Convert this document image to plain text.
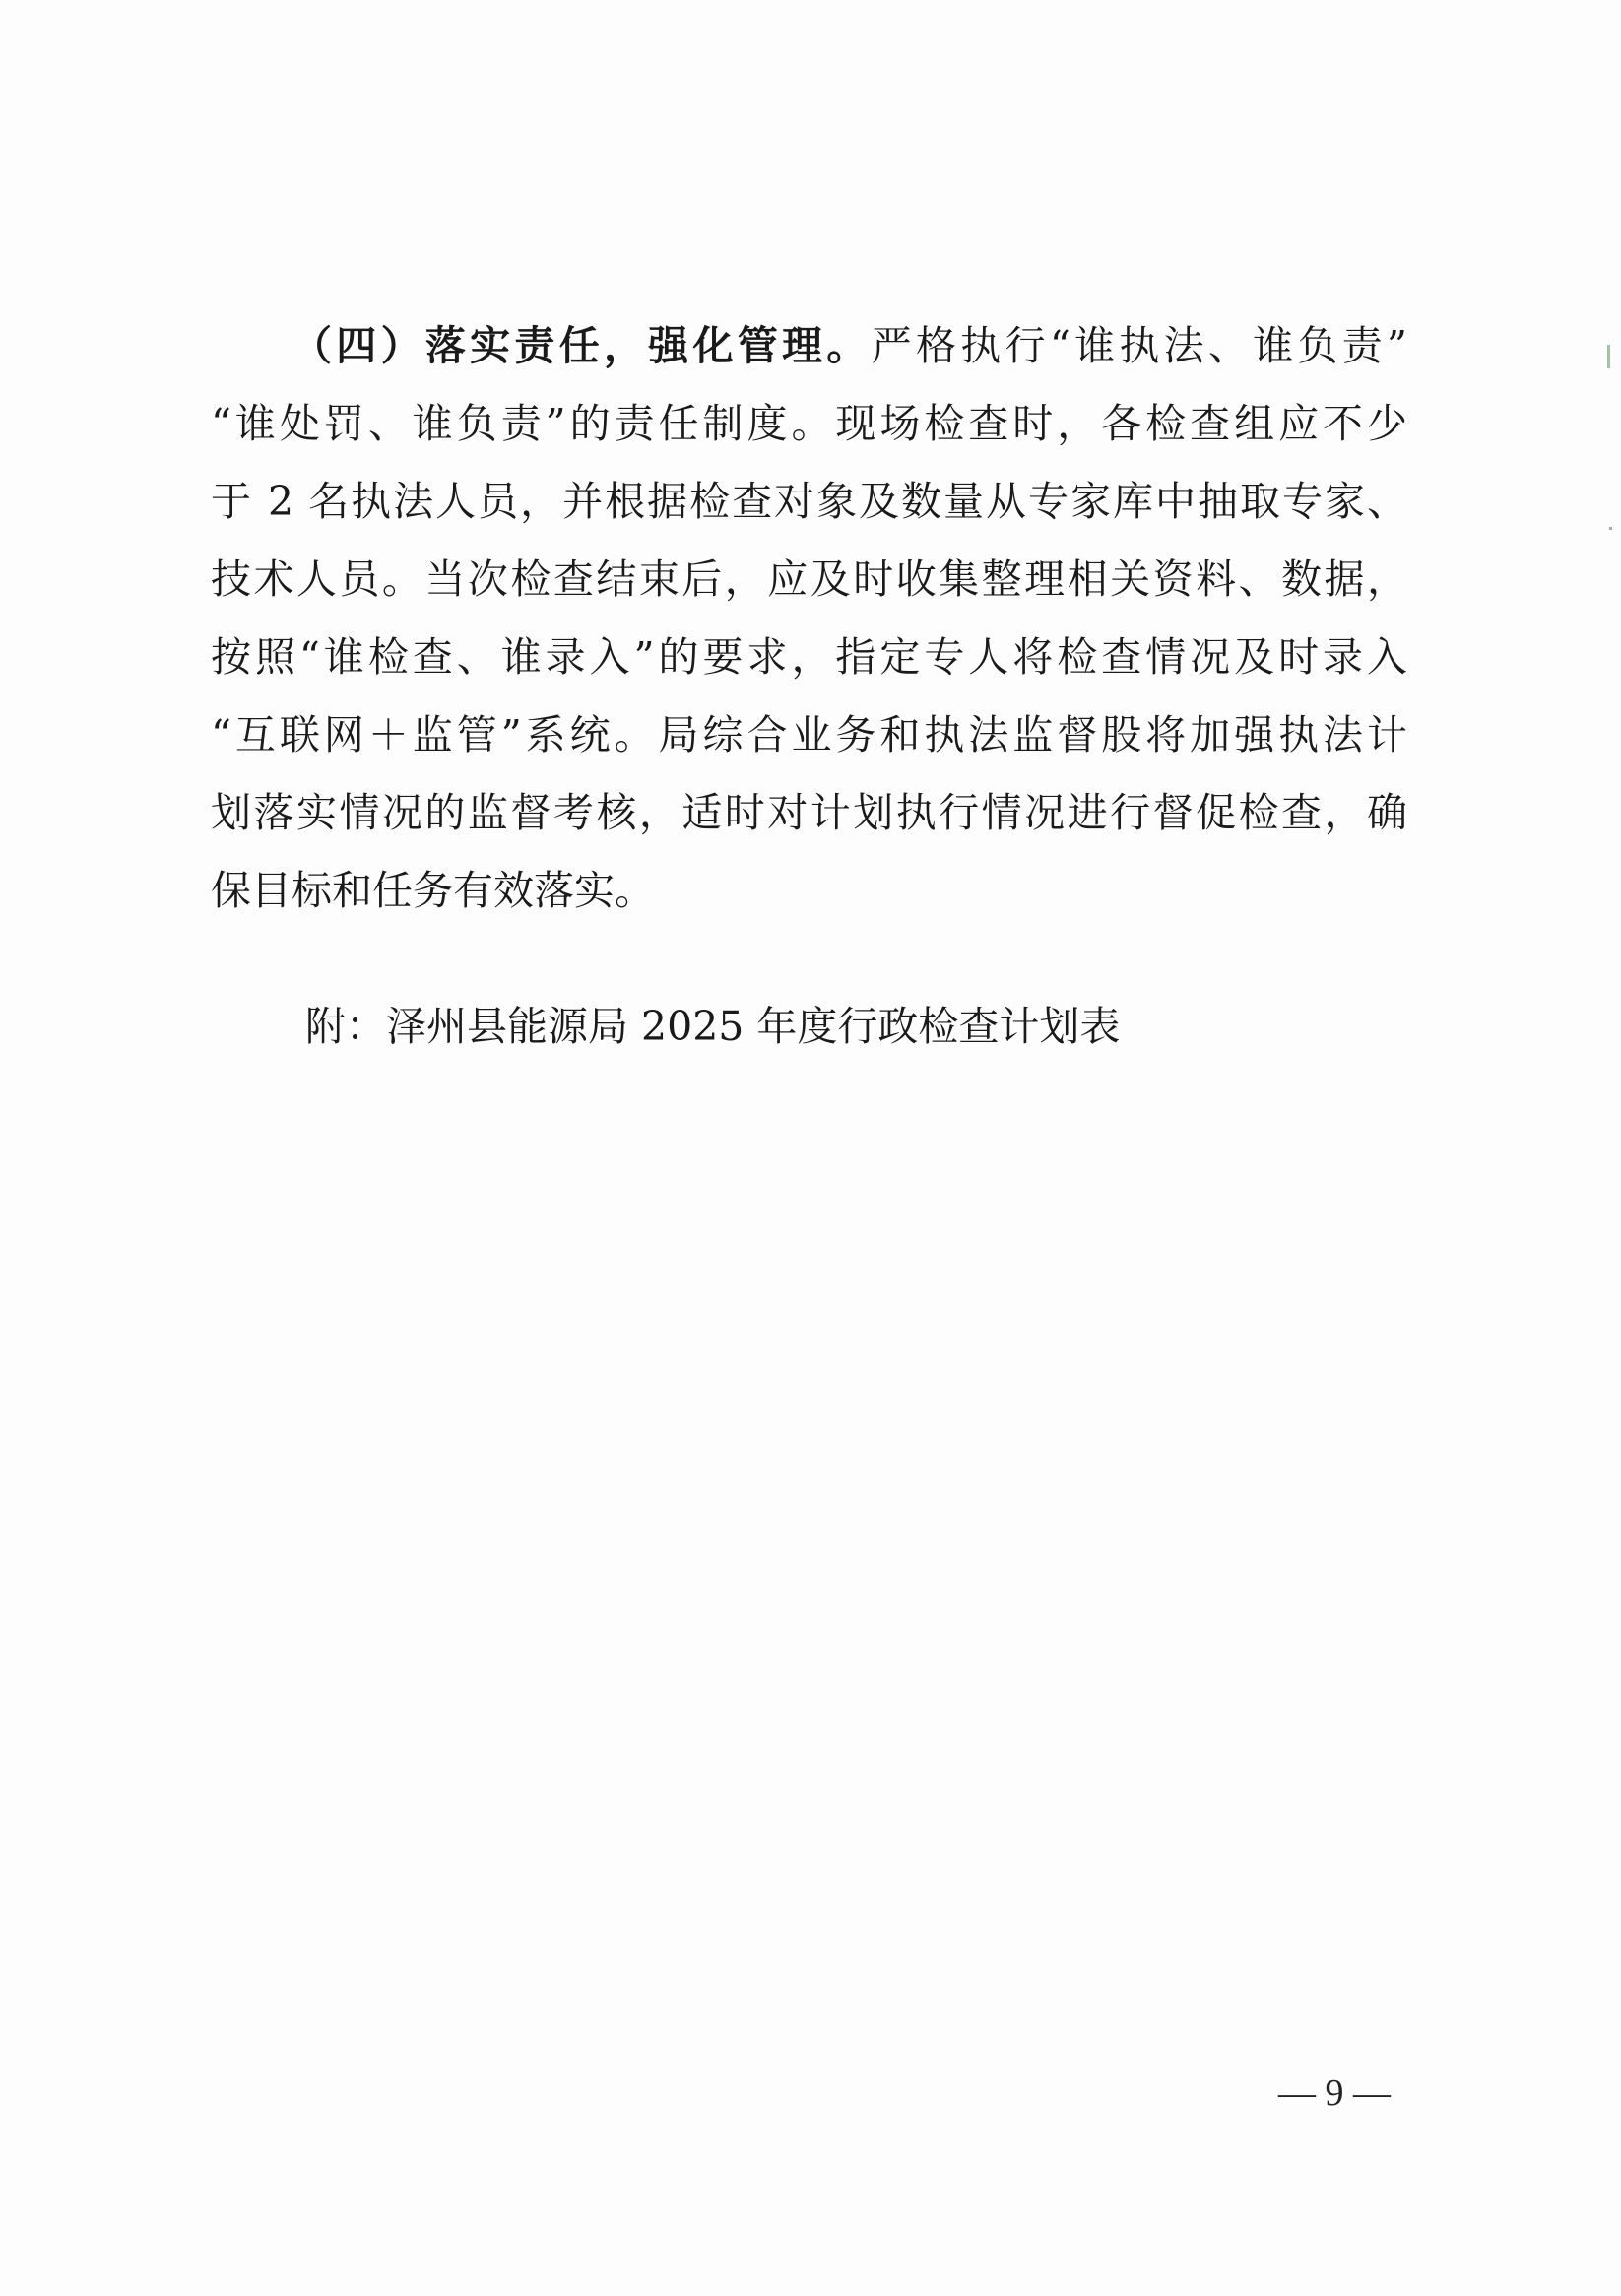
（四）落实责任，强化管理。严格执行“谁执法、谁负责”
“谁处罚、谁负责”的责任制度。现场检查时，各检查组应不少
于 2 名执法人员，并根据检查对象及数量从专家库中抽取专家、
技术人员。当次检查结束后，应及时收集整理相关资料、数据，
按照“谁检查、谁录入”的要求，指定专人将检查情况及时录入
“互联网＋监管”系统。局综合业务和执法监督股将加强执法计
划落实情况的监督考核，适时对计划执行情况进行督促检查，确
保目标和任务有效落实。
附：泽州县能源局 2025 年度行政检查计划表
— 9 —
